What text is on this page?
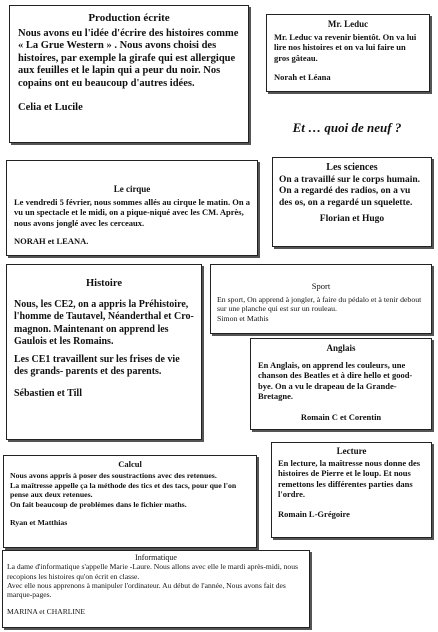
Production écrite

Nous avons eu l'idée d'écrire des histoires comme « La Grue Western » . Nous avons choisi des histoires, par exemple la girafe qui est allergique aux feuilles et le lapin qui a peur du noir. Nos copains ont eu beaucoup d'autres idées.

Celia et Lucile

Mr. Leduc

Mr. Leduc va revenir bientôt. On va lui lire nos histoires et on va lui faire un gros gâteau.

Norah et Léana

Et … quoi de neuf ?
Le cirque

Le vendredi 5 février, nous sommes allés au cirque le matin. On a vu un spectacle et le midi, on a pique-niqué avec les CM. Après, nous avons jonglé avec les cerceaux.

NORAH et LEANA.

Les sciences

On a travaillé sur le corps humain. On a regardé des radios, on a vu des os, on a regardé un squelette.

Florian et Hugo

Histoire

Nous, les CE2, on a appris la Préhistoire, l'homme de Tautavel, Néanderthal et Cro-magnon. Maintenant on apprend les Gaulois et les Romains.

Les CE1 travaillent sur les frises de vie des grands- parents et des parents.

Sébastien et Till

Sport

En sport, On apprend à jongler, à faire du pédalo et à tenir debout sur une planche qui est sur un rouleau.

Simon et Mathis

Anglais

En Anglais, on apprend les couleurs, une chanson des Beatles et à dire hello et good-bye. On a vu le drapeau de la Grande-Bretagne.

Romain C et Corentin

Calcul

Nous avons appris à poser des soustractions avec des retenues.

La maîtresse appelle ça la méthode des tics et des tacs, pour que l'on pense aux deux retenues.

On fait beaucoup de problèmes dans le fichier maths.

Ryan et Matthias

Lecture

En lecture, la maîtresse nous donne des histoires de Pierre et le loup. Et nous remettons les différentes parties dans l'ordre.

Romain L-Grégoire

Informatique

La dame d'informatique s'appelle Marie -Laure. Nous allons avec elle le mardi après-midi, nous recopions les histoires qu'on écrit en classe.

Avec elle nous apprenons à manipuler l'ordinateur. Au début de l'année, Nous avons fait des marque-pages.

MARINA et CHARLINE
